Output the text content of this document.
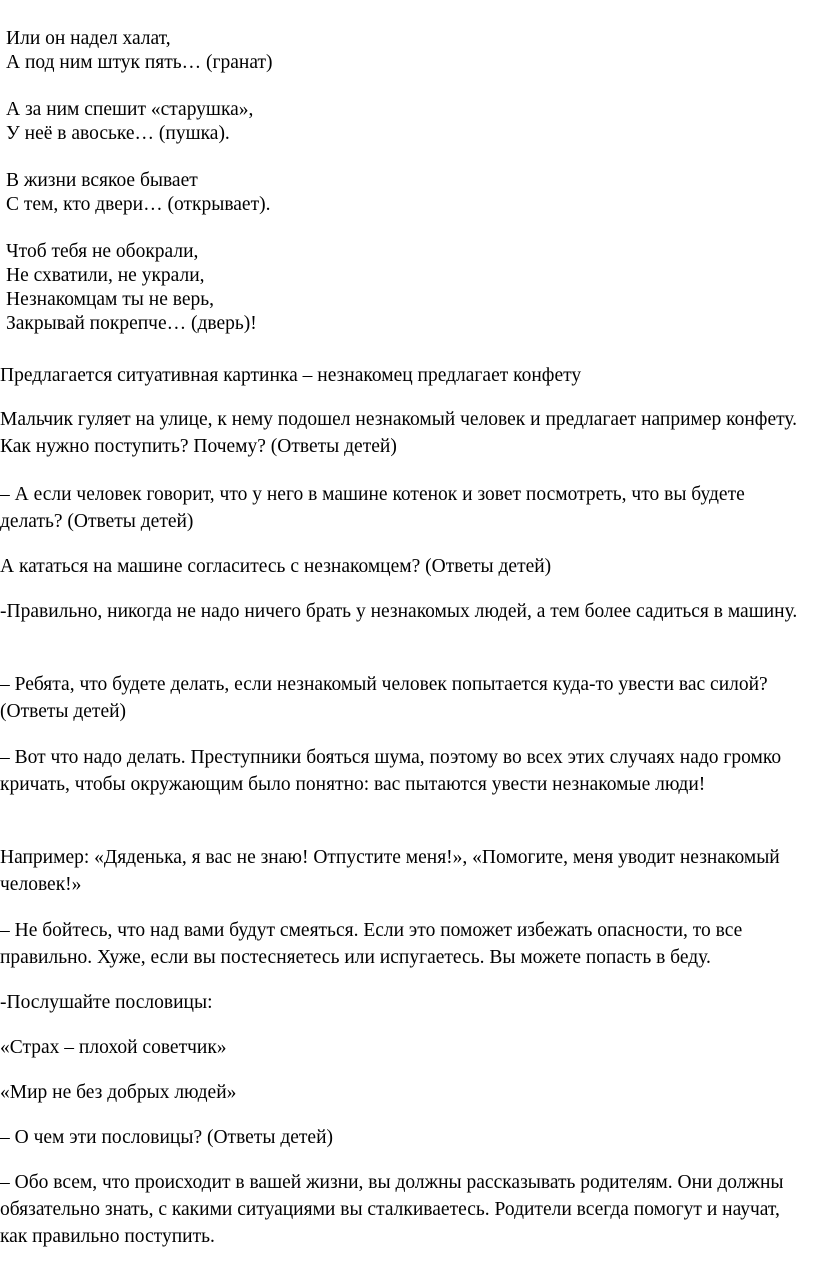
Или он надел халат,
А под ним штук пять… (гранат)
А за ним спешит «старушка»,
У неё в авоське… (пушка).
В жизни всякое бывает
С тем, кто двери… (открывает).
Чтоб тебя не обокрали,
Не схватили, не украли,
Незнакомцам ты не верь,
Закрывай покрепче… (дверь)!
Предлагается ситуативная картинка – незнакомец предлагает конфету
Мальчик гуляет на улице, к нему подошел незнакомый человек и предлагает например конфету. Как нужно поступить? Почему? (Ответы детей)
– А если человек говорит, что у него в машине котенок и зовет посмотреть, что вы будете делать? (Ответы детей)
А кататься на машине согласитесь с незнакомцем? (Ответы детей)
-Правильно, никогда не надо ничего брать у незнакомых людей, а тем более садиться в машину.
– Ребята, что будете делать, если незнакомый человек попытается куда-то увести вас силой? (Ответы детей)
– Вот что надо делать. Преступники бояться шума, поэтому во всех этих случаях надо громко кричать, чтобы окружающим было понятно: вас пытаются увести незнакомые люди!
Например: «Дяденька, я вас не знаю! Отпустите меня!», «Помогите, меня уводит незнакомый человек!»
– Не бойтесь, что над вами будут смеяться. Если это поможет избежать опасности, то все правильно. Хуже, если вы постесняетесь или испугаетесь. Вы можете попасть в беду.
-Послушайте пословицы:
«Страх – плохой советчик»
«Мир не без добрых людей»
– О чем эти пословицы? (Ответы детей)
– Обо всем, что происходит в вашей жизни, вы должны рассказывать родителям. Они должны обязательно знать, с какими ситуациями вы сталкиваетесь. Родители всегда помогут и научат, как правильно поступить.
